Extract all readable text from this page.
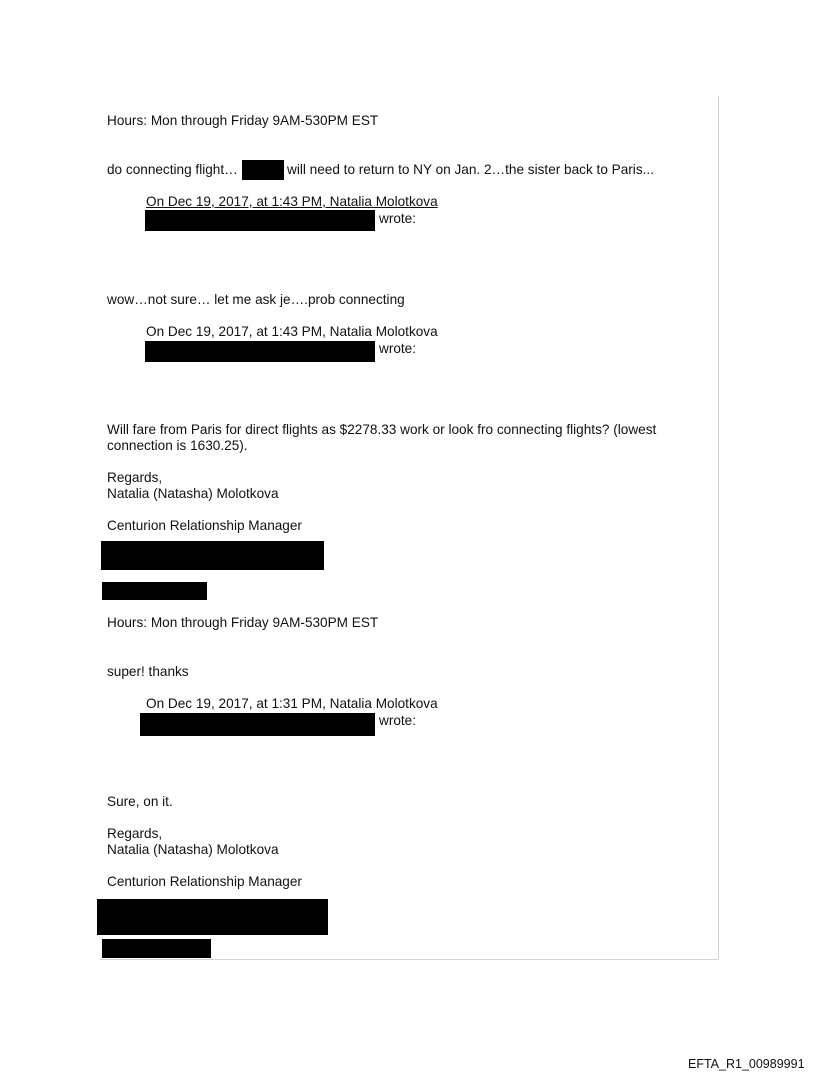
Hours: Mon through Friday 9AM-530PM EST
do connecting flight…	will need to return to NY on Jan. 2…the sister back to Paris...
On Dec 19, 2017, at 1:43 PM, Natalia Molotkova
wrote:
wow…not sure… let me ask je….prob connecting
On Dec 19, 2017, at 1:43 PM, Natalia Molotkova
wrote:
Will fare from Paris for direct flights as $2278.33 work or look fro connecting flights? (lowest connection is 1630.25).
Regards,
Natalia (Natasha) Molotkova
Centurion Relationship Manager
Hours: Mon through Friday 9AM-530PM EST
super! thanks
On Dec 19, 2017, at 1:31 PM, Natalia Molotkova
wrote:
Sure, on it.
Regards,
Natalia (Natasha) Molotkova
Centurion Relationship Manager
EFTA_R1_00989991
